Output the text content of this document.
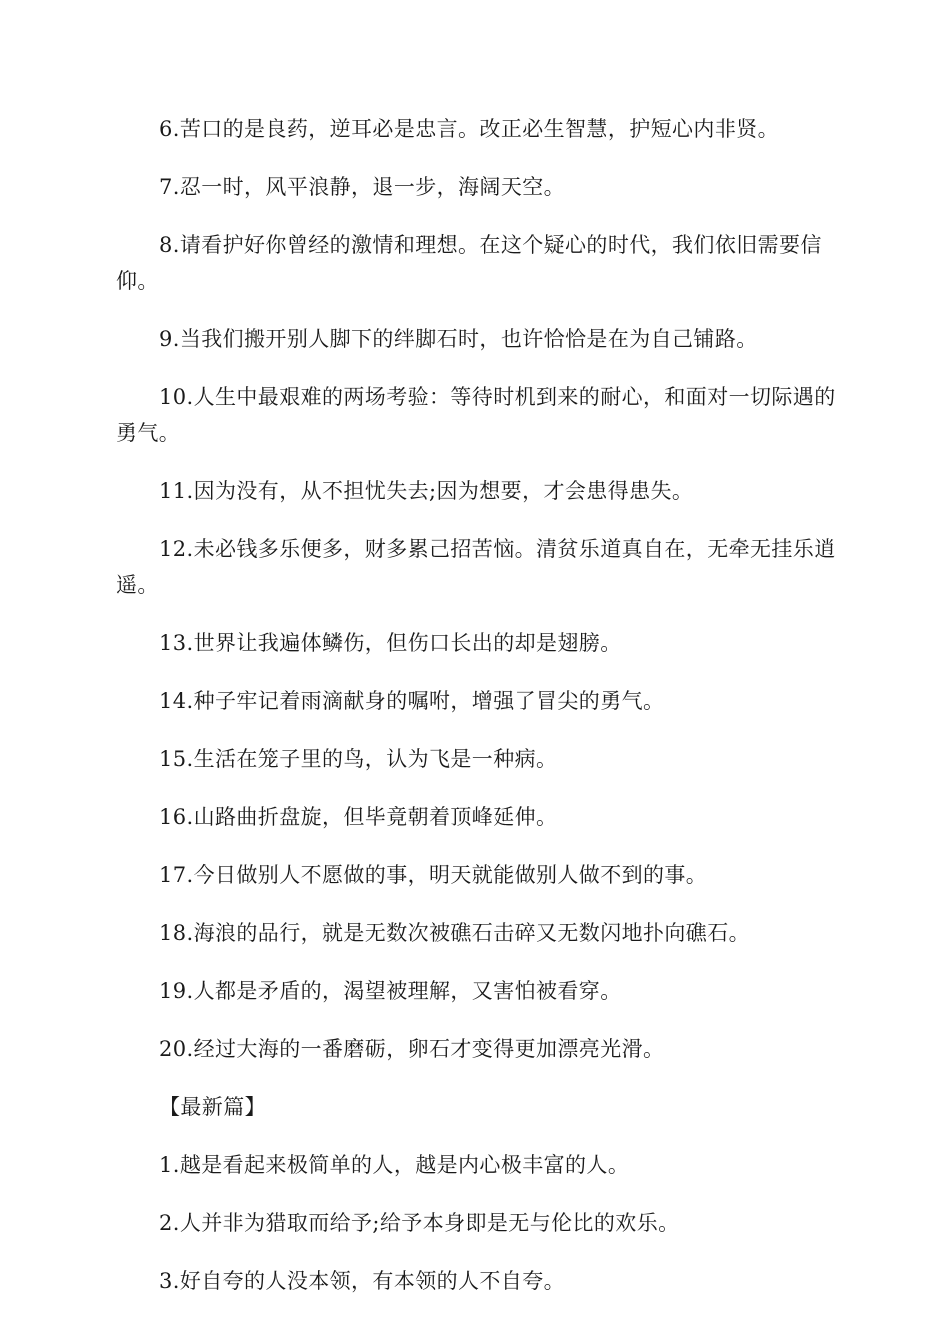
6.苦口的是良药，逆耳必是忠言。改正必生智慧，护短心内非贤。

7.忍一时，风平浪静，退一步，海阔天空。

8.请看护好你曾经的激情和理想。在这个疑心的时代，我们依旧需要信仰。

9.当我们搬开别人脚下的绊脚石时，也许恰恰是在为自己铺路。

10.人生中最艰难的两场考验：等待时机到来的耐心，和面对一切际遇的勇气。

11.因为没有，从不担忧失去;因为想要，才会患得患失。

12.未必钱多乐便多，财多累己招苦恼。清贫乐道真自在，无牵无挂乐逍遥。

13.世界让我遍体鳞伤，但伤口长出的却是翅膀。

14.种子牢记着雨滴献身的嘱咐，增强了冒尖的勇气。

15.生活在笼子里的鸟，认为飞是一种病。

16.山路曲折盘旋，但毕竟朝着顶峰延伸。

17.今日做别人不愿做的事，明天就能做别人做不到的事。

18.海浪的品行，就是无数次被礁石击碎又无数闪地扑向礁石。

19.人都是矛盾的，渴望被理解，又害怕被看穿。

20.经过大海的一番磨砺，卵石才变得更加漂亮光滑。

【最新篇】

1.越是看起来极简单的人，越是内心极丰富的人。

2.人并非为猎取而给予;给予本身即是无与伦比的欢乐。

3.好自夸的人没本领，有本领的人不自夸。
